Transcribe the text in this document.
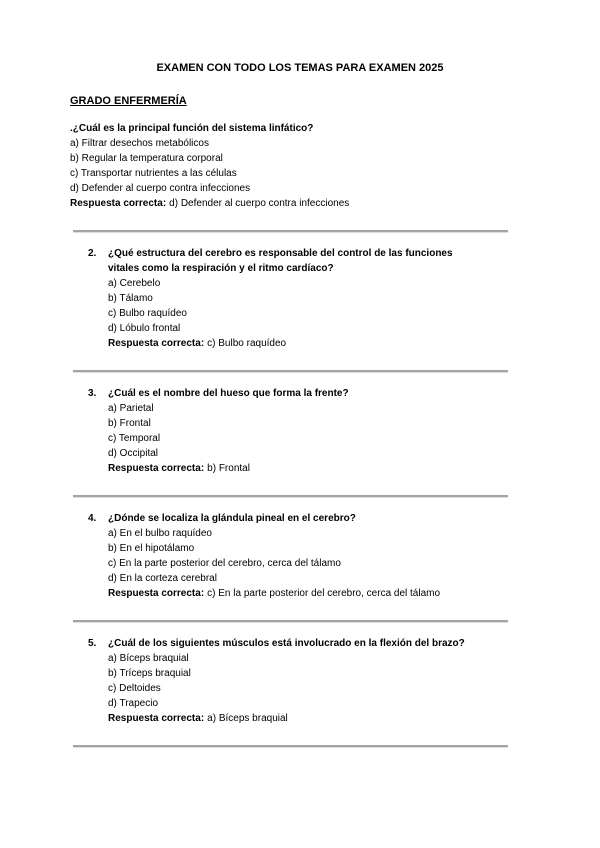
EXAMEN CON TODO LOS TEMAS PARA EXAMEN 2025
GRADO ENFERMERÍA
.¿Cuál es la principal función del sistema linfático?
a) Filtrar desechos metabólicos
b) Regular la temperatura corporal
c) Transportar nutrientes a las células
d) Defender al cuerpo contra infecciones
Respuesta correcta: d) Defender al cuerpo contra infecciones
2.	¿Qué estructura del cerebro es responsable del control de las funciones
vitales como la respiración y el ritmo cardíaco?
a) Cerebelo
b) Tálamo
c) Bulbo raquídeo
d) Lóbulo frontal
Respuesta correcta: c) Bulbo raquídeo
3.	¿Cuál es el nombre del hueso que forma la frente?
a) Parietal
b) Frontal
c) Temporal
d) Occipital
Respuesta correcta: b) Frontal
4.	¿Dónde se localiza la glándula pineal en el cerebro?
a) En el bulbo raquídeo
b) En el hipotálamo
c) En la parte posterior del cerebro, cerca del tálamo
d) En la corteza cerebral
Respuesta correcta: c) En la parte posterior del cerebro, cerca del tálamo
5.	¿Cuál de los siguientes músculos está involucrado en la flexión del brazo?
a) Bíceps braquial
b) Tríceps braquial
c) Deltoides
d) Trapecio
Respuesta correcta: a) Bíceps braquial
